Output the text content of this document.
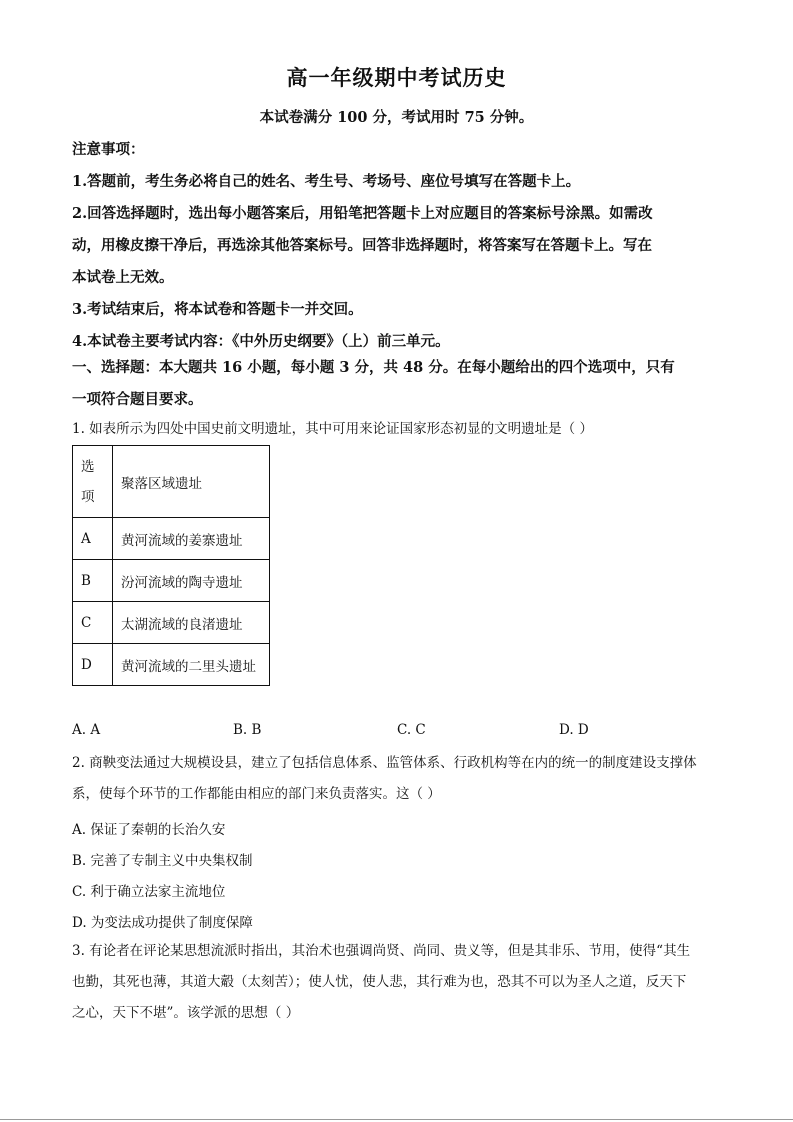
高一年级期中考试历史
本试卷满分 100 分，考试用时 75 分钟。
注意事项：
1.答题前，考生务必将自己的姓名、考生号、考场号、座位号填写在答题卡上。
2.回答选择题时，选出每小题答案后，用铅笔把答题卡上对应题目的答案标号涂黑。如需改
动，用橡皮擦干净后，再选涂其他答案标号。回答非选择题时，将答案写在答题卡上。写在
本试卷上无效。
3.考试结束后，将本试卷和答题卡一并交回。
4.本试卷主要考试内容：《中外历史纲要》（上）前三单元。
一、选择题：本大题共 16 小题，每小题 3 分，共 48 分。在每小题给出的四个选项中，只有
一项符合题目要求。
1. 如表所示为四处中国史前文明遗址，其中可用来论证国家形态初显的文明遗址是（ ）
选
项	聚落区域遗址
A	黄河流域的姜寨遗址
B	汾河流域的陶寺遗址
C	太湖流域的良渚遗址
D	黄河流域的二里头遗址
A. A	B. B	C. C	D. D
2. 商鞅变法通过大规模设县，建立了包括信息体系、监管体系、行政机构等在内的统一的制度建设支撑体
系，使每个环节的工作都能由相应的部门来负责落实。这（ ）
A. 保证了秦朝的长治久安
B. 完善了专制主义中央集权制
C. 利于确立法家主流地位
D. 为变法成功提供了制度保障
3. 有论者在评论某思想流派时指出，其治术也强调尚贤、尚同、贵义等，但是其非乐、节用，使得“其生
也勤，其死也薄，其道大觳（太刻苦）；使人忧，使人悲，其行难为也，恐其不可以为圣人之道，反天下
之心，天下不堪”。该学派的思想（ ）
